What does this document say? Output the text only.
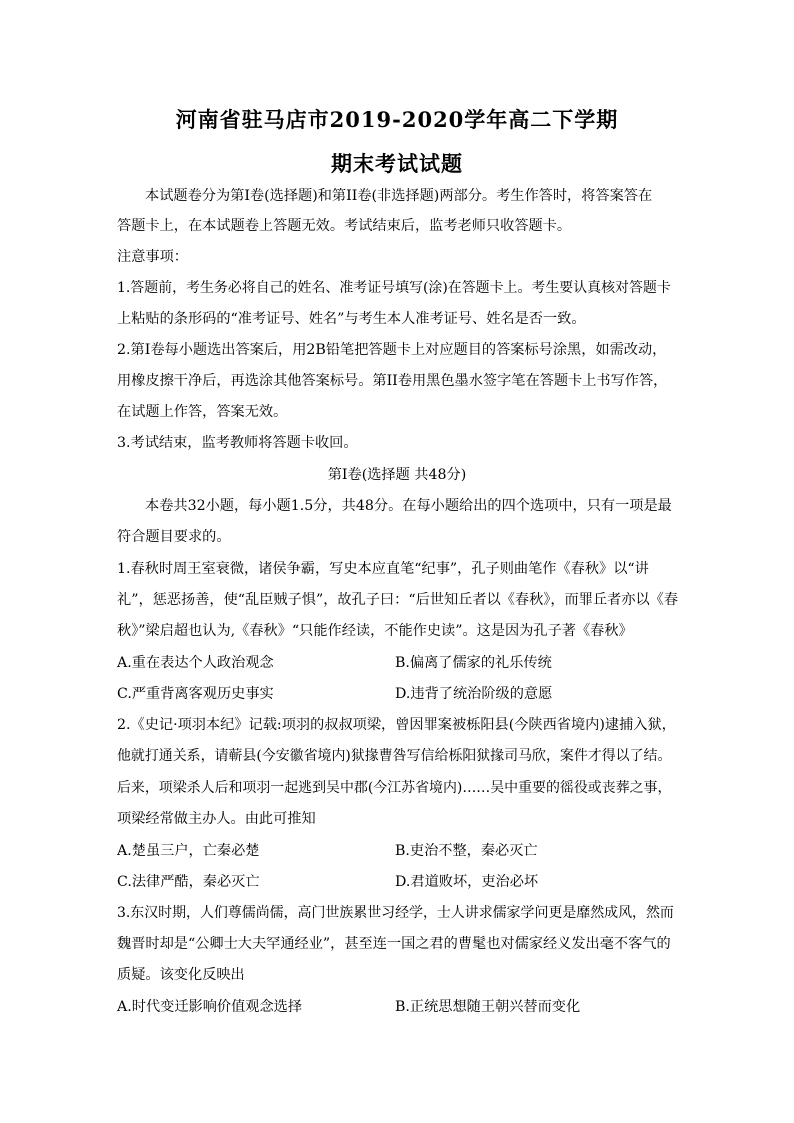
河南省驻马店市2019-2020学年高二下学期
期末考试试题
本试题卷分为第I卷(选择题)和第II卷(非选择题)两部分。考生作答时，将答案答在
答题卡上，在本试题卷上答题无效。考试结束后，监考老师只收答题卡。
注意事项：
1.答题前，考生务必将自己的姓名、准考证号填写(涂)在答题卡上。考生要认真核对答题卡
上粘贴的条形码的“准考证号、姓名”与考生本人准考证号、姓名是否一致。
2.第I卷每小题选出答案后，用2B铅笔把答题卡上对应题目的答案标号涂黑，如需改动，
用橡皮擦干净后，再选涂其他答案标号。第II卷用黑色墨水签字笔在答题卡上书写作答，
在试题上作答，答案无效。
3.考试结束，监考教师将答题卡收回。
第I卷(选择题 共48分)
本卷共32小题，每小题1.5分，共48分。在每小题给出的四个选项中，只有一项是最
符合题目要求的。
1.春秋时周王室衰微，诸侯争霸，写史本应直笔“纪事”，孔子则曲笔作《春秋》以“讲
礼”，惩恶扬善，使“乱臣贼子惧”，故孔子曰：“后世知丘者以《春秋》，而罪丘者亦以《春
秋》”梁启超也认为,《春秋》“只能作经读，不能作史读”。这是因为孔子著《春秋》
A.重在表达个人政治观念	B.偏离了儒家的礼乐传统
C.严重背离客观历史事实	D.违背了统治阶级的意愿
2.《史记·项羽本纪》记载:项羽的叔叔项梁，曾因罪案被栎阳县(今陕西省境内)逮捕入狱，
他就打通关系，请蕲县(今安徽省境内)狱掾曹咎写信给栎阳狱掾司马欣，案件才得以了结。
后来，项梁杀人后和项羽一起逃到吴中郡(今江苏省境内)……吴中重要的徭役或丧葬之事，
项梁经常做主办人。由此可推知
A.楚虽三户，亡秦必楚	B.吏治不整，秦必灭亡
C.法律严酷，秦必灭亡	D.君道败坏，吏治必坏
3.东汉时期，人们尊儒尚儒，高门世族累世习经学，士人讲求儒家学问更是靡然成风，然而
魏晋时却是“公卿士大夫罕通经业”，甚至连一国之君的曹髦也对儒家经义发出毫不客气的
质疑。该变化反映出
A.时代变迁影响价值观念选择	B.正统思想随王朝兴替而变化
